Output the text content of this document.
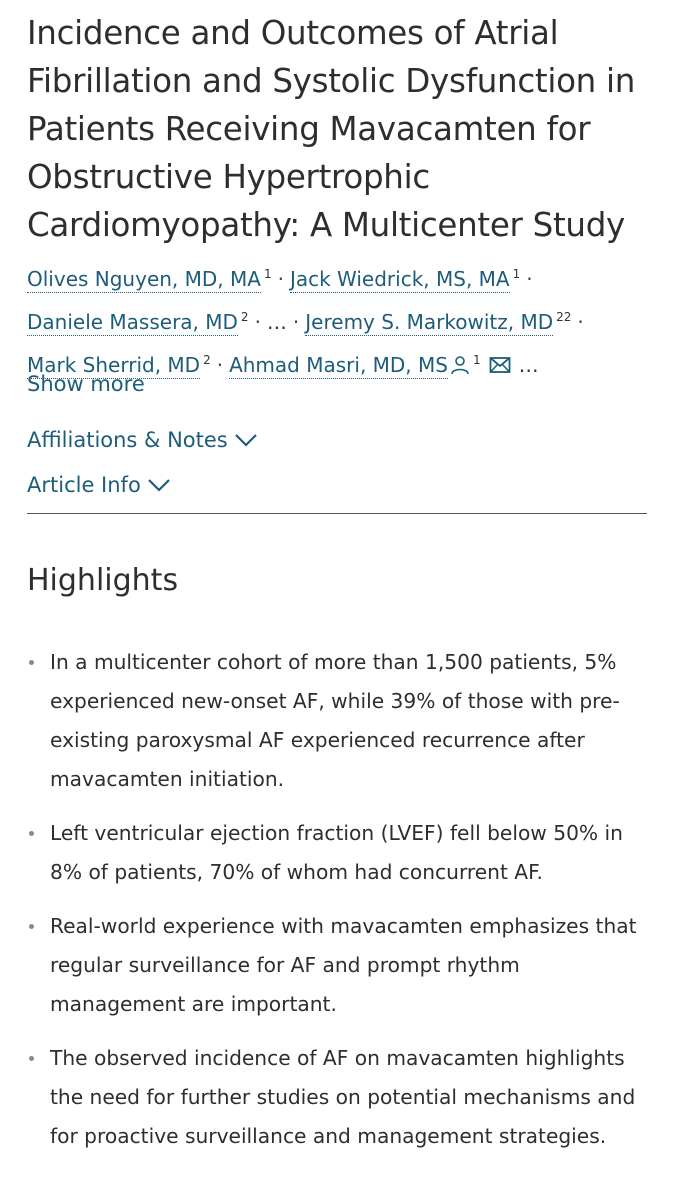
Incidence and Outcomes of Atrial Fibrillation and Systolic Dysfunction in Patients Receiving Mavacamten for Obstructive Hypertrophic Cardiomyopathy: A Multicenter Study
Olives Nguyen, MD, MA $^1$ · Jack Wiedrick, MS, MA $^1$ ·
Daniele Massera, MD $^2$ · … · Jeremy S. Markowitz, MD $^{22}$ ·
Mark Sherrid, MD $^2$ · Ahmad Masri, MD, MS $^1$ …
Show more
Affiliations & Notes
Article Info
Highlights
In a multicenter cohort of more than 1,500 patients, 5% experienced new-onset AF, while 39% of those with pre-existing paroxysmal AF experienced recurrence after mavacamten initiation.
Left ventricular ejection fraction (LVEF) fell below 50% in 8% of patients, 70% of whom had concurrent AF.
Real-world experience with mavacamten emphasizes that regular surveillance for AF and prompt rhythm management are important.
The observed incidence of AF on mavacamten highlights the need for further studies on potential mechanisms and for proactive surveillance and management strategies.
